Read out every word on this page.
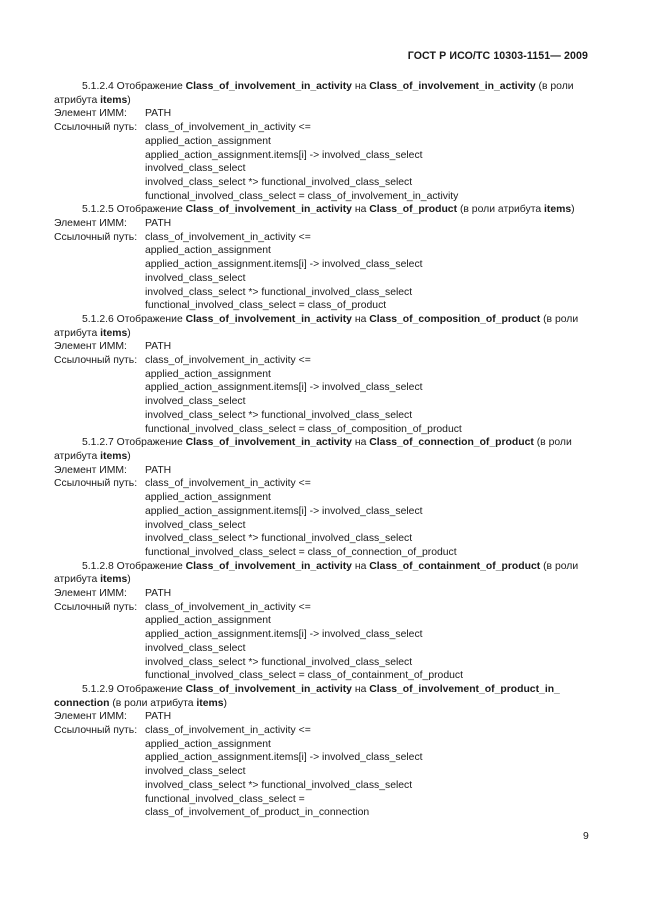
ГОСТ Р ИСО/ТС 10303-1151— 2009

5.1.2.4 Отображение Class_of_involvement_in_activity на Class_of_involvement_in_activity (в роли атрибута items)

Элемент ИММ:	PATH
Ссылочный путь: class_of_involvement_in_activity <=
applied_action_assignment
applied_action_assignment.items[i] -> involved_class_select
involved_class_select
involved_class_select *> functional_involved_class_select
functional_involved_class_select = class_of_involvement_in_activity

5.1.2.5 Отображение Class_of_involvement_in_activity на Class_of_product (в роли атрибута items)

Элемент ИММ:	PATH
Ссылочный путь: class_of_involvement_in_activity <=
applied_action_assignment
applied_action_assignment.items[i] -> involved_class_select
involved_class_select
involved_class_select *> functional_involved_class_select
functional_involved_class_select = class_of_product

5.1.2.6 Отображение Class_of_involvement_in_activity на Class_of_composition_of_product (в роли атрибута items)

Элемент ИММ:	PATH
Ссылочный путь: class_of_involvement_in_activity <=
applied_action_assignment
applied_action_assignment.items[i] -> involved_class_select
involved_class_select
involved_class_select *> functional_involved_class_select
functional_involved_class_select = class_of_composition_of_product

5.1.2.7 Отображение Class_of_involvement_in_activity на Class_of_connection_of_product (в роли атрибута items)

Элемент ИММ:	PATH
Ссылочный путь: class_of_involvement_in_activity <=
applied_action_assignment
applied_action_assignment.items[i] -> involved_class_select
involved_class_select
involved_class_select *> functional_involved_class_select
functional_involved_class_select = class_of_connection_of_product

5.1.2.8 Отображение Class_of_involvement_in_activity на Class_of_containment_of_product (в роли атрибута items)

Элемент ИММ:	PATH
Ссылочный путь: class_of_involvement_in_activity <=
applied_action_assignment
applied_action_assignment.items[i] -> involved_class_select
involved_class_select
involved_class_select *> functional_involved_class_select
functional_involved_class_select = class_of_containment_of_product

5.1.2.9 Отображение Class_of_involvement_in_activity на Class_of_involvement_of_product_in_ connection (в роли атрибута items)

Элемент ИММ:	PATH
Ссылочный путь: class_of_involvement_in_activity <=
applied_action_assignment
applied_action_assignment.items[i] -> involved_class_select
involved_class_select
involved_class_select *> functional_involved_class_select
functional_involved_class_select =
class_of_involvement_of_product_in_connection
9
